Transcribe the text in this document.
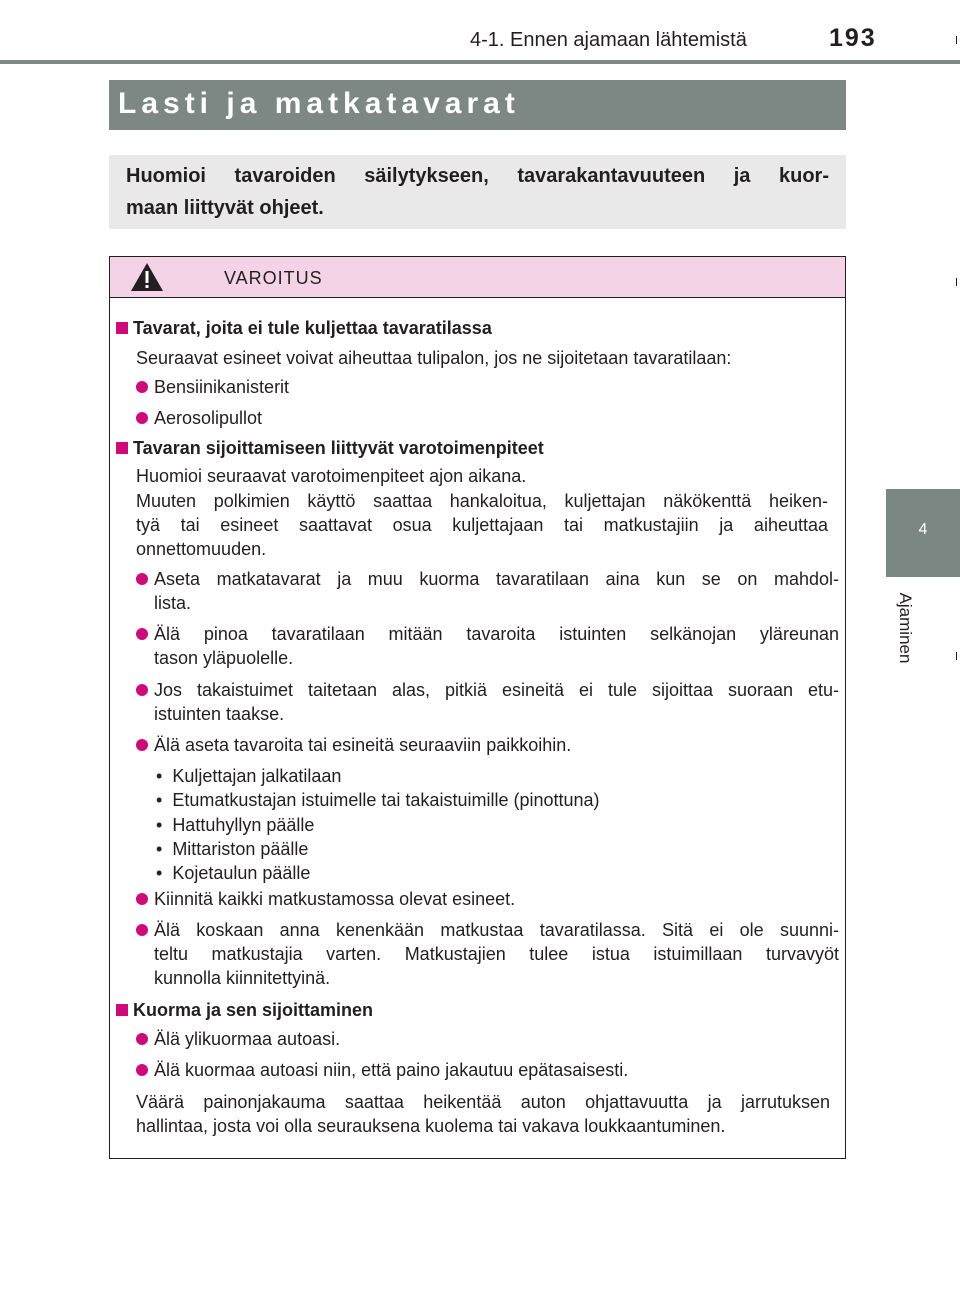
4-1. Ennen ajamaan lähtemistä	193
4
Ajaminen
Lasti ja matkatavarat
Huomioi tavaroiden säilytykseen, tavarakantavuuteen ja kuor-
maan liittyvät ohjeet.
VAROITUS
Tavarat, joita ei tule kuljettaa tavaratilassa
Seuraavat esineet voivat aiheuttaa tulipalon, jos ne sijoitetaan tavaratilaan:
Bensiinikanisterit
Aerosolipullot
Tavaran sijoittamiseen liittyvät varotoimenpiteet
Huomioi seuraavat varotoimenpiteet ajon aikana.
Muuten polkimien käyttö saattaa hankaloitua, kuljettajan näkökenttä heiken-
tyä tai esineet saattavat osua kuljettajaan tai matkustajiin ja aiheuttaa
onnettomuuden.
Aseta matkatavarat ja muu kuorma tavaratilaan aina kun se on mahdol-
lista.
Älä pinoa tavaratilaan mitään tavaroita istuinten selkänojan yläreunan
tason yläpuolelle.
Jos takaistuimet taitetaan alas, pitkiä esineitä ei tule sijoittaa suoraan etu-
istuinten taakse.
Älä aseta tavaroita tai esineitä seuraaviin paikkoihin.
•  Kuljettajan jalkatilaan
•  Etumatkustajan istuimelle tai takaistuimille (pinottuna)
•  Hattuhyllyn päälle
•  Mittariston päälle
•  Kojetaulun päälle
Kiinnitä kaikki matkustamossa olevat esineet.
Älä koskaan anna kenenkään matkustaa tavaratilassa. Sitä ei ole suunni-
teltu matkustajia varten. Matkustajien tulee istua istuimillaan turvavyöt
kunnolla kiinnitettyinä.
Kuorma ja sen sijoittaminen
Älä ylikuormaa autoasi.
Älä kuormaa autoasi niin, että paino jakautuu epätasaisesti.
Väärä painonjakauma saattaa heikentää auton ohjattavuutta ja jarrutuksen
hallintaa, josta voi olla seurauksena kuolema tai vakava loukkaantuminen.
